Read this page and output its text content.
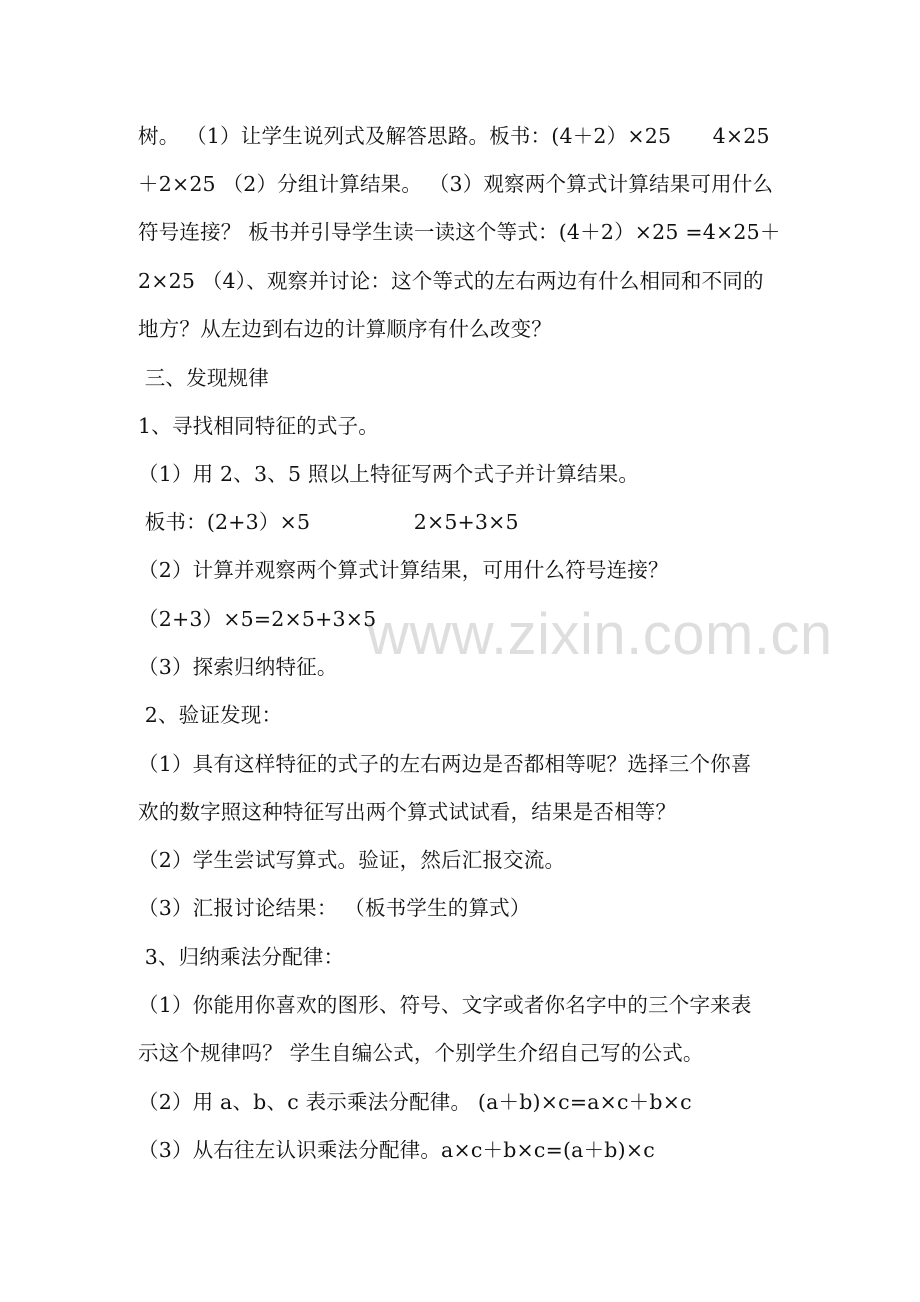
树。 （1）让学生说列式及解答思路。板书：(4＋2）×25　　4×25
＋2×25 （2）分组计算结果。 （3）观察两个算式计算结果可用什么
符号连接？ 板书并引导学生读一读这个等式：(4＋2）×25 =4×25＋
2×25 （4）、观察并讨论：这个等式的左右两边有什么相同和不同的
地方？从左边到右边的计算顺序有什么改变？
三、发现规律
1、寻找相同特征的式子。
（1）用 2、3、5 照以上特征写两个式子并计算结果。
板书：(2+3）×5　　　　　2×5+3×5
（2）计算并观察两个算式计算结果，可用什么符号连接？
（2+3）×5=2×5+3×5
（3）探索归纳特征。
2、验证发现：
（1）具有这样特征的式子的左右两边是否都相等呢？选择三个你喜
欢的数字照这种特征写出两个算式试试看，结果是否相等？
（2）学生尝试写算式。验证，然后汇报交流。
（3）汇报讨论结果： （板书学生的算式）
3、归纳乘法分配律：
（1）你能用你喜欢的图形、符号、文字或者你名字中的三个字来表
示这个规律吗？ 学生自编公式，个别学生介绍自己写的公式。
（2）用 a、b、c 表示乘法分配律。 (a＋b)×c=a×c＋b×c
（3）从右往左认识乘法分配律。a×c＋b×c=(a＋b)×c
www.zixin.com.cn
